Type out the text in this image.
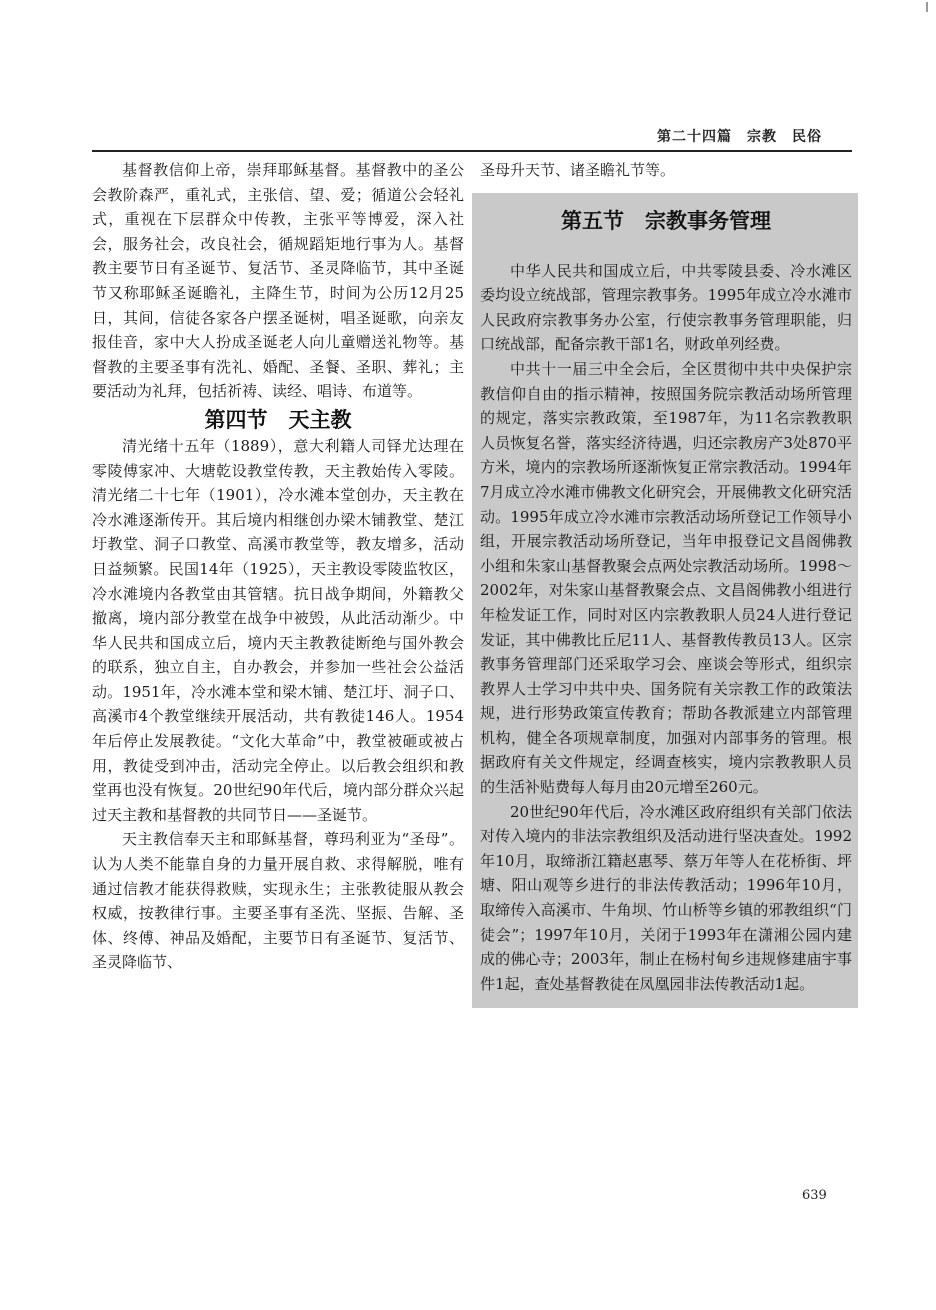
第二十四篇　宗教　民俗

基督教信仰上帝，崇拜耶稣基督。基督教中的圣公会教阶森严，重礼式，主张信、望、爱；循道公会轻礼式，重视在下层群众中传教，主张平等博爱，深入社会，服务社会，改良社会，循规蹈矩地行事为人。基督教主要节日有圣诞节、复活节、圣灵降临节，其中圣诞节又称耶稣圣诞瞻礼，主降生节，时间为公历12月25日，其间，信徒各家各户摆圣诞树，唱圣诞歌，向亲友报佳音，家中大人扮成圣诞老人向儿童赠送礼物等。基督教的主要圣事有洗礼、婚配、圣餐、圣职、葬礼；主要活动为礼拜，包括祈祷、读经、唱诗、布道等。

第四节　天主教

清光绪十五年（1889），意大利籍人司铎尤达理在零陵傅家冲、大塘乾设教堂传教，天主教始传入零陵。清光绪二十七年（1901），冷水滩本堂创办，天主教在冷水滩逐渐传开。其后境内相继创办梁木铺教堂、楚江圩教堂、洞子口教堂、高溪市教堂等，教友增多，活动日益频繁。民国14年（1925），天主教设零陵监牧区，冷水滩境内各教堂由其管辖。抗日战争期间，外籍教父撤离，境内部分教堂在战争中被毁，从此活动渐少。中华人民共和国成立后，境内天主教教徒断绝与国外教会的联系，独立自主，自办教会，并参加一些社会公益活动。1951年，冷水滩本堂和梁木铺、楚江圩、洞子口、高溪市4个教堂继续开展活动，共有教徒146人。1954年后停止发展教徒。“文化大革命”中，教堂被砸或被占用，教徒受到冲击，活动完全停止。以后教会组织和教堂再也没有恢复。20世纪90年代后，境内部分群众兴起过天主教和基督教的共同节日——圣诞节。

天主教信奉天主和耶稣基督，尊玛利亚为“圣母”。认为人类不能靠自身的力量开展自救、求得解脱，唯有通过信教才能获得救赎，实现永生；主张教徒服从教会权威，按教律行事。主要圣事有圣洗、坚振、告解、圣体、终傅、神品及婚配，主要节日有圣诞节、复活节、圣灵降临节、

圣母升天节、诸圣瞻礼节等。

第五节　宗教事务管理

中华人民共和国成立后，中共零陵县委、冷水滩区委均设立统战部，管理宗教事务。1995年成立冷水滩市人民政府宗教事务办公室，行使宗教事务管理职能，归口统战部，配备宗教干部1名，财政单列经费。

中共十一届三中全会后，全区贯彻中共中央保护宗教信仰自由的指示精神，按照国务院宗教活动场所管理的规定，落实宗教政策，至1987年，为11名宗教教职人员恢复名誉，落实经济待遇，归还宗教房产3处870平方米，境内的宗教场所逐渐恢复正常宗教活动。1994年7月成立冷水滩市佛教文化研究会，开展佛教文化研究活动。1995年成立冷水滩市宗教活动场所登记工作领导小组，开展宗教活动场所登记，当年申报登记文昌阁佛教小组和朱家山基督教聚会点两处宗教活动场所。1998～2002年，对朱家山基督教聚会点、文昌阁佛教小组进行年检发证工作，同时对区内宗教教职人员24人进行登记发证，其中佛教比丘尼11人、基督教传教员13人。区宗教事务管理部门还采取学习会、座谈会等形式，组织宗教界人士学习中共中央、国务院有关宗教工作的政策法规，进行形势政策宣传教育；帮助各教派建立内部管理机构，健全各项规章制度，加强对内部事务的管理。根据政府有关文件规定，经调查核实，境内宗教教职人员的生活补贴费每人每月由20元增至260元。

20世纪90年代后，冷水滩区政府组织有关部门依法对传入境内的非法宗教组织及活动进行坚决查处。1992年10月，取缔浙江籍赵惠琴、蔡万年等人在花桥街、坪塘、阳山观等乡进行的非法传教活动；1996年10月，取缔传入高溪市、牛角坝、竹山桥等乡镇的邪教组织“门徒会”；1997年10月，关闭于1993年在潇湘公园内建成的佛心寺；2003年，制止在杨村甸乡违规修建庙宇事件1起，查处基督教徒在凤凰园非法传教活动1起。

639
